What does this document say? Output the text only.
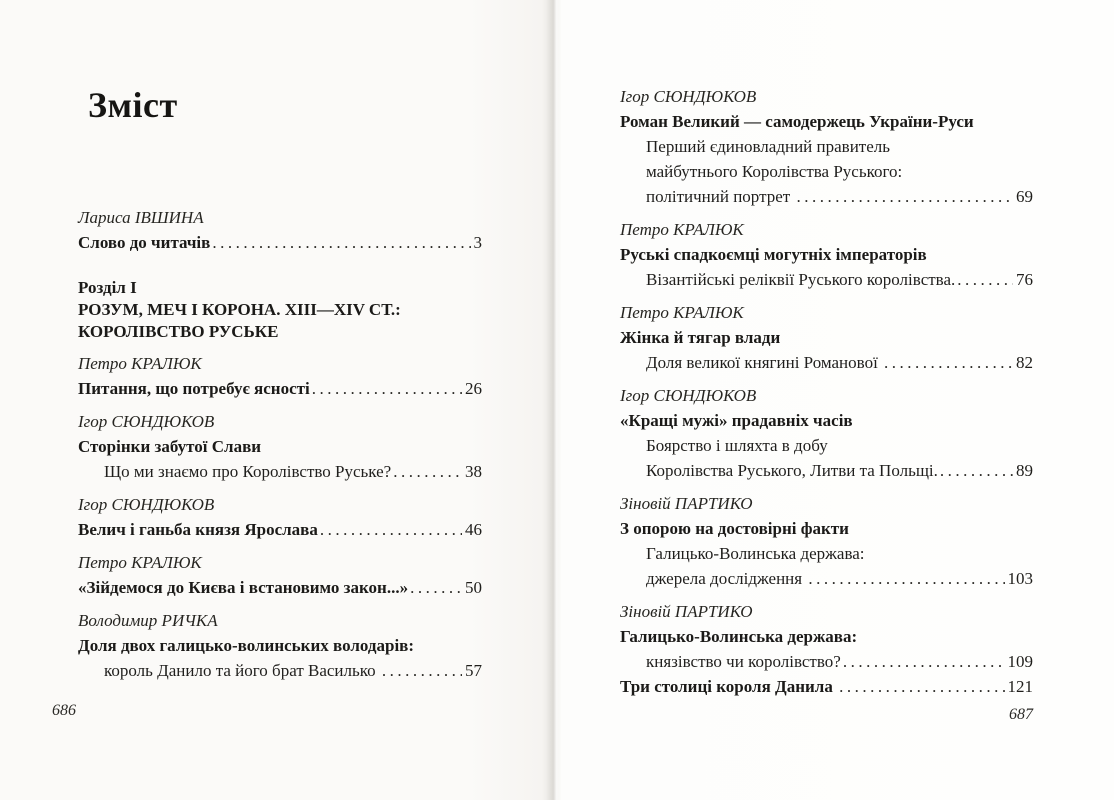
Зміст
Лариса ІВШИНА
Слово до читачів .....	3
Розділ I
РОЗУМ, МЕЧ І КОРОНА. XIII—XIV СТ.:
КОРОЛІВСТВО РУСЬКЕ
Петро КРАЛЮК
Питання, що потребує ясності .....	26
Ігор СЮНДЮКОВ
Сторінки забутої Слави
Що ми знаємо про Королівство Руське? .....	38
Ігор СЮНДЮКОВ
Велич і ганьба князя Ярослава .....	46
Петро КРАЛЮК
«Зійдемося до Києва і встановимо закон...» .....	50
Володимир РИЧКА
Доля двох галицько-волинських володарів:
король Данило та його брат Василько .....	57
Ігор СЮНДЮКОВ
Роман Великий — самодержець України-Руси
Перший єдиновладний правитель
майбутнього Королівства Руського:
політичний портрет .....	69
Петро КРАЛЮК
Руські спадкоємці могутніх імператорів
Візантійські реліквії Руського королівства. .....	76
Петро КРАЛЮК
Жінка й тягар влади
Доля великої княгині Романової .....	82
Ігор СЮНДЮКОВ
«Кращі мужі» прадавніх часів
Боярство і шляхта в добу
Королівства Руського, Литви та Польщі. .....	89
Зіновій ПАРТИКО
З опорою на достовірні факти
Галицько-Волинська держава:
джерела дослідження .....	103
Зіновій ПАРТИКО
Галицько-Волинська держава:
князівство чи королівство? .....	109
Три столиці короля Данила .....	121
686	687
